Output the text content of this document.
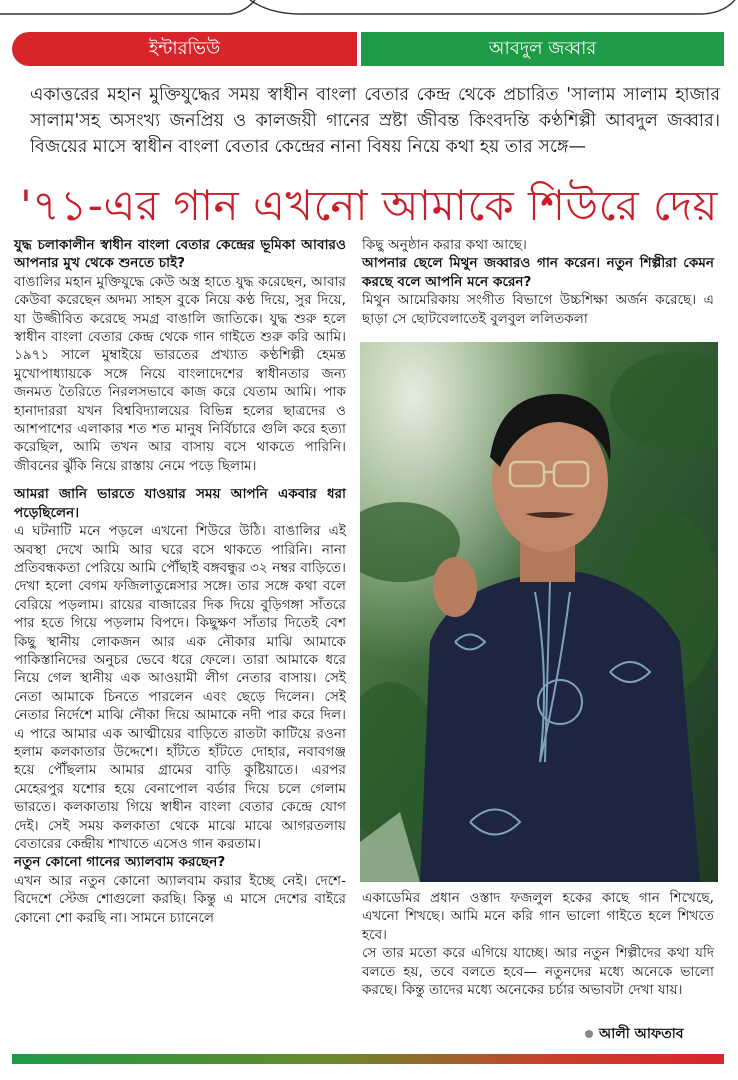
ইন্টারভিউ	আবদুল জব্বার
একাত্তরের মহান মুক্তিযুদ্ধের সময় স্বাধীন বাংলা বেতার কেন্দ্র থেকে প্রচারিত 'সালাম সালাম হাজার সালাম'সহ অসংখ্য জনপ্রিয় ও কালজয়ী গানের স্রষ্টা জীবন্ত কিংবদন্তি কণ্ঠশিল্পী আবদুল জব্বার। বিজয়ের মাসে স্বাধীন বাংলা বেতার কেন্দ্রের নানা বিষয় নিয়ে কথা হয় তার সঙ্গে—
'৭১-এর গান এখনো আমাকে শিউরে দেয়

যুদ্ধ চলাকালীন স্বাধীন বাংলা বেতার কেন্দ্রের ভূমিকা আবারও আপনার মুখ থেকে শুনতে চাই?

বাঙালির মহান মুক্তিযুদ্ধে কেউ অস্ত্র হাতে যুদ্ধ করেছেন, আবার কেউবা করেছেন অদম্য সাহস বুকে নিয়ে কণ্ঠ দিয়ে, সুর দিয়ে, যা উজ্জীবিত করেছে সমগ্র বাঙালি জাতিকে। যুদ্ধ শুরু হলে স্বাধীন বাংলা বেতার কেন্দ্র থেকে গান গাইতে শুরু করি আমি। ১৯৭১ সালে মুম্বাইয়ে ভারতের প্রখ্যাত কণ্ঠশিল্পী হেমন্ত মুখোপাধ্যায়কে সঙ্গে নিয়ে বাংলাদেশের স্বাধীনতার জন্য জনমত তৈরিতে নিরলসভাবে কাজ করে যেতাম আমি। পাক হানাদাররা যখন বিশ্ববিদ্যালয়ের বিভিন্ন হলের ছাত্রদের ও আশপাশের এলাকার শত শত মানুষ নির্বিচারে গুলি করে হত্যা করেছিল, আমি তখন আর বাসায় বসে থাকতে পারিনি। জীবনের ঝুঁকি নিয়ে রাস্তায় নেমে পড়ে ছিলাম।

আমরা জানি ভারতে যাওয়ার সময় আপনি একবার ধরা পড়েছিলেন।

এ ঘটনাটি মনে পড়লে এখনো শিউরে উঠি। বাঙালির এই অবস্থা দেখে আমি আর ঘরে বসে থাকতে পারিনি। নানা প্রতিবন্ধকতা পেরিয়ে আমি পৌঁছাই বঙ্গবন্ধুর ৩২ নম্বর বাড়িতে। দেখা হলো বেগম ফজিলাতুন্নেসার সঙ্গে। তার সঙ্গে কথা বলে বেরিয়ে পড়লাম। রায়ের বাজারের দিক দিয়ে বুড়িগঙ্গা সাঁতরে পার হতে গিয়ে পড়লাম বিপদে। কিছুক্ষণ সাঁতার দিতেই বেশ কিছু স্থানীয় লোকজন আর এক নৌকার মাঝি আমাকে পাকিস্তানিদের অনুচর ভেবে ধরে ফেলে। তারা আমাকে ধরে নিয়ে গেল স্থানীয় এক আওয়ামী লীগ নেতার বাসায়। সেই নেতা আমাকে চিনতে পারলেন এবং ছেড়ে দিলেন। সেই নেতার নির্দেশে মাঝি নৌকা দিয়ে আমাকে নদী পার করে দিল। এ পারে আমার এক আত্মীয়ের বাড়িতে রাতটা কাটিয়ে রওনা হলাম কলকাতার উদ্দেশে। হাঁটতে হাঁটতে দোহার, নবাবগঞ্জ হয়ে পৌঁছলাম আমার গ্রামের বাড়ি কুষ্টিয়াতে। এরপর মেহেরপুর যশোর হয়ে বেনাপোল বর্ডার দিয়ে চলে গেলাম ভারতে। কলকাতায় গিয়ে স্বাধীন বাংলা বেতার কেন্দ্রে যোগ দেই। সেই সময় কলকাতা থেকে মাঝে মাঝে আগরতলায় বেতারের কেন্দ্রীয় শাখাতে এসেও গান করতাম।

নতুন কোনো গানের অ্যালবাম করছেন?

এখন আর নতুন কোনো অ্যালবাম করার ইচ্ছে নেই। দেশে-বিদেশে স্টেজ শোগুলো করছি। কিন্তু এ মাসে দেশের বাইরে কোনো শো করছি না। সামনে চ্যানেলে

কিছু অনুষ্ঠান করার কথা আছে।

আপনার ছেলে মিথুন জব্বারও গান করেন। নতুন শিল্পীরা কেমন করছে বলে আপনি মনে করেন?

মিথুন আমেরিকায় সংগীত বিভাগে উচ্চশিক্ষা অর্জন করেছে। এ ছাড়া সে ছোটবেলাতেই বুলবুল ললিতকলা

একাডেমির প্রধান ওস্তাদ ফজলুল হকের কাছে গান শিখেছে, এখনো শিখছে। আমি মনে করি গান ভালো গাইতে হলে শিখতে হবে।

সে তার মতো করে এগিয়ে যাচ্ছে। আর নতুন শিল্পীদের কথা যদি বলতে হয়, তবে বলতে হবে— নতুনদের মধ্যে অনেকে ভালো করছে। কিন্তু তাদের মধ্যে অনেকের চর্চার অভাবটা দেখা যায়।

আলী আফতাব
